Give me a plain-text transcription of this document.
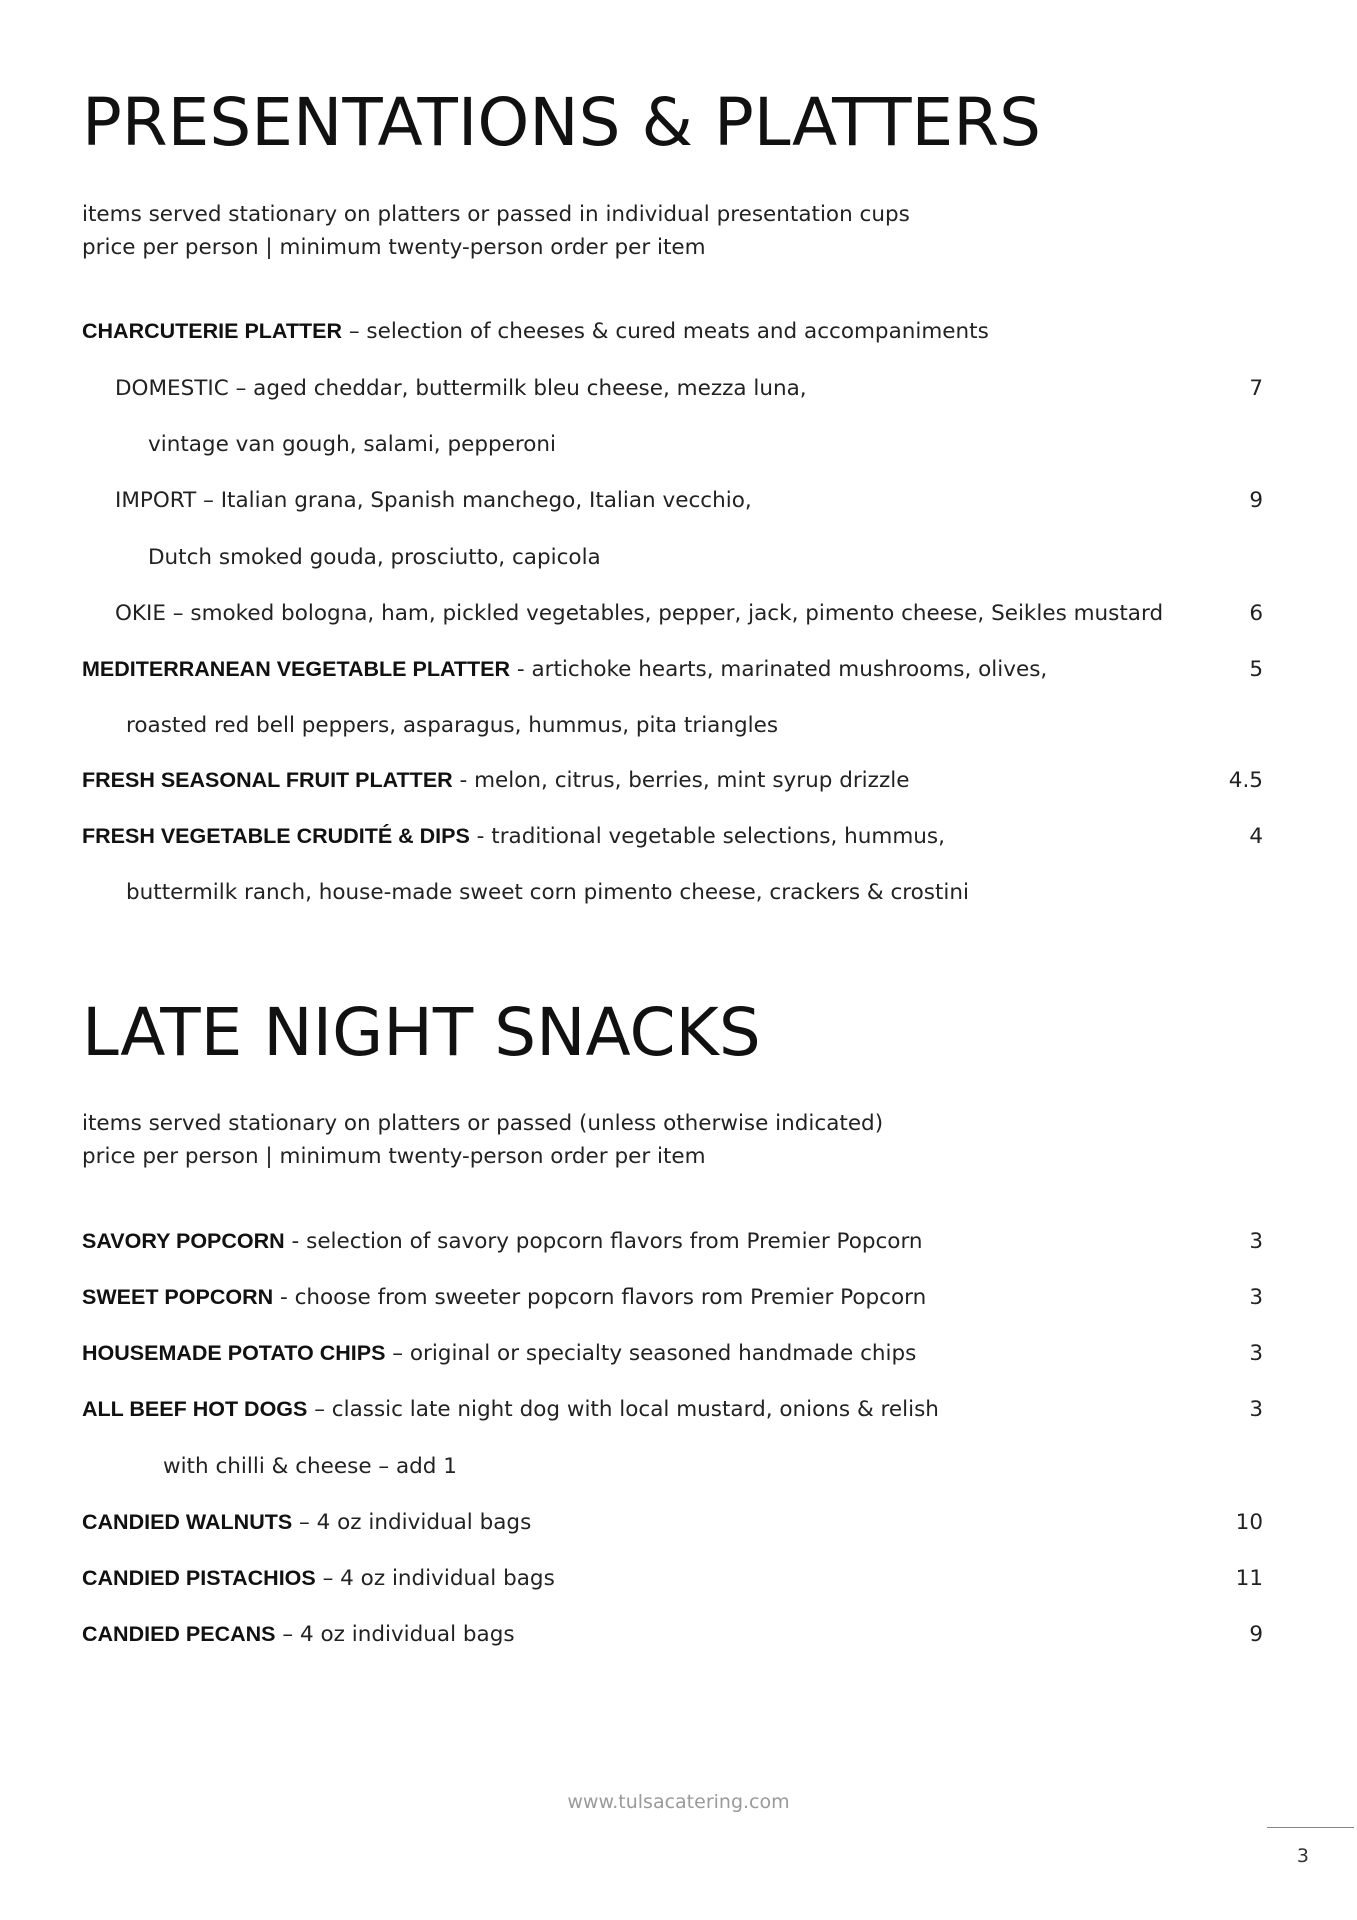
PRESENTATIONS & PLATTERS
items served stationary on platters or passed in individual presentation cups
price per person | minimum twenty-person order per item
CHARCUTERIE PLATTER – selection of cheeses & cured meats and accompaniments
DOMESTIC – aged cheddar, buttermilk bleu cheese, mezza luna,	7
vintage van gough, salami, pepperoni
IMPORT – Italian grana, Spanish manchego, Italian vecchio,	9
Dutch smoked gouda, prosciutto, capicola
OKIE – smoked bologna, ham, pickled vegetables, pepper, jack, pimento cheese, Seikles mustard	6
MEDITERRANEAN VEGETABLE PLATTER - artichoke hearts, marinated mushrooms, olives,	5
roasted red bell peppers, asparagus, hummus, pita triangles
FRESH SEASONAL FRUIT PLATTER - melon, citrus, berries, mint syrup drizzle	4.5
FRESH VEGETABLE CRUDITÉ & DIPS - traditional vegetable selections, hummus,	4
buttermilk ranch, house-made sweet corn pimento cheese, crackers & crostini
LATE NIGHT SNACKS
items served stationary on platters or passed (unless otherwise indicated)
price per person | minimum twenty-person order per item
SAVORY POPCORN - selection of savory popcorn flavors from Premier Popcorn	3
SWEET POPCORN - choose from sweeter popcorn flavors rom Premier Popcorn	3
HOUSEMADE POTATO CHIPS – original or specialty seasoned handmade chips	3
ALL BEEF HOT DOGS – classic late night dog with local mustard, onions & relish	3
with chilli & cheese – add 1
CANDIED WALNUTS – 4 oz individual bags	10
CANDIED PISTACHIOS – 4 oz individual bags	11
CANDIED PECANS – 4 oz individual bags	9
www.tulsacatering.com
3
